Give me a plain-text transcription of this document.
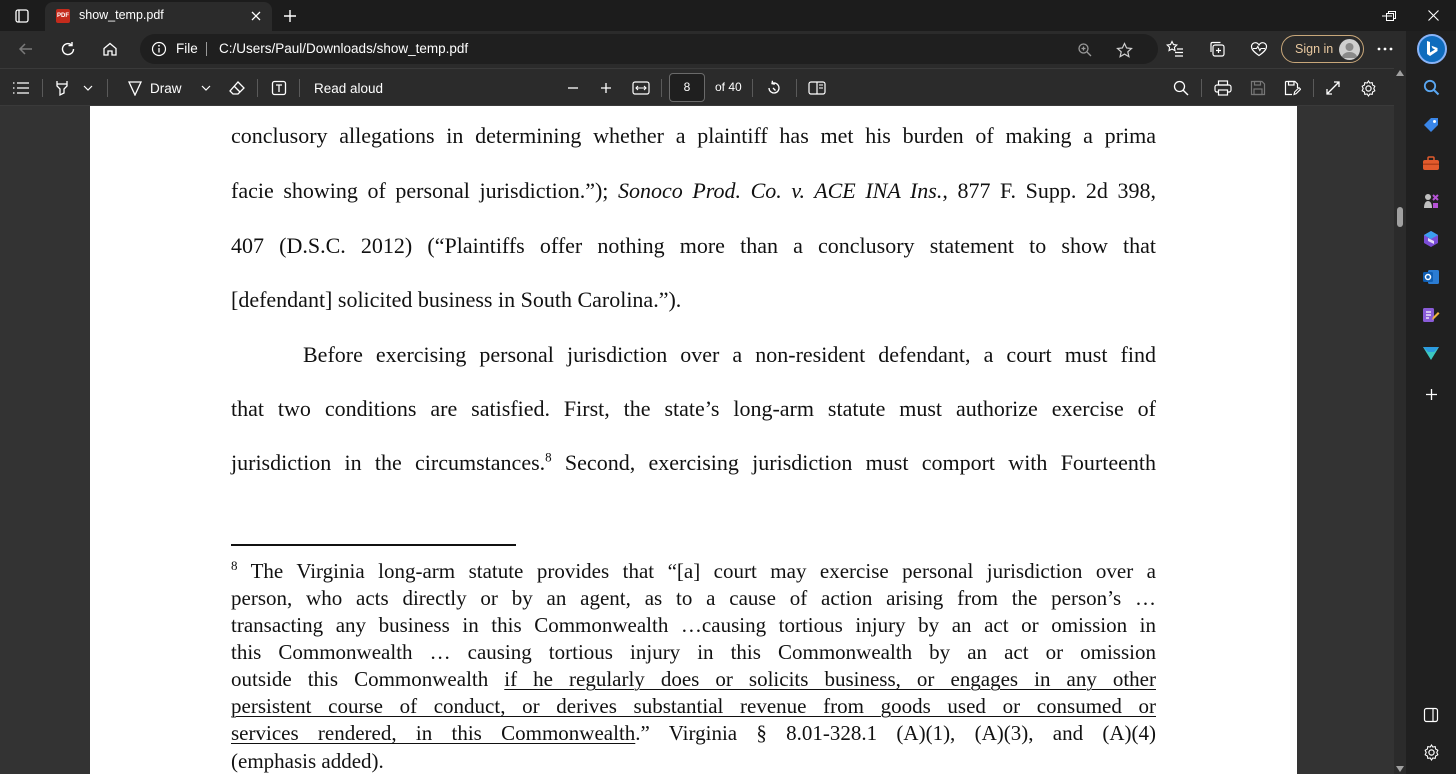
PDF show_temp.pdf
File C:/Users/Paul/Downloads/show_temp.pdf	Sign in
Draw	Read aloud	8	of 40
conclusory allegations in determining whether a plaintiff has met his burden of making a prima
facie showing of personal jurisdiction.”); Sonoco Prod. Co. v. ACE INA Ins., 877 F. Supp. 2d 398,
407 (D.S.C. 2012) (“Plaintiffs offer nothing more than a conclusory statement to show that
[defendant] solicited business in South Carolina.”).
Before exercising personal jurisdiction over a non-resident defendant, a court must find
that two conditions are satisfied. First, the state’s long-arm statute must authorize exercise of
jurisdiction in the circumstances.$^8$ Second, exercising jurisdiction must comport with Fourteenth
$^8$ The Virginia long-arm statute provides that “[a] court may exercise personal jurisdiction over a
person, who acts directly or by an agent, as to a cause of action arising from the person’s …
transacting any business in this Commonwealth …causing tortious injury by an act or omission in
this Commonwealth … causing tortious injury in this Commonwealth by an act or omission
outside this Commonwealth if he regularly does or solicits business, or engages in any other
persistent course of conduct, or derives substantial revenue from goods used or consumed or
services rendered, in this Commonwealth.” Virginia § 8.01-328.1 (A)(1), (A)(3), and (A)(4)
(emphasis added).
